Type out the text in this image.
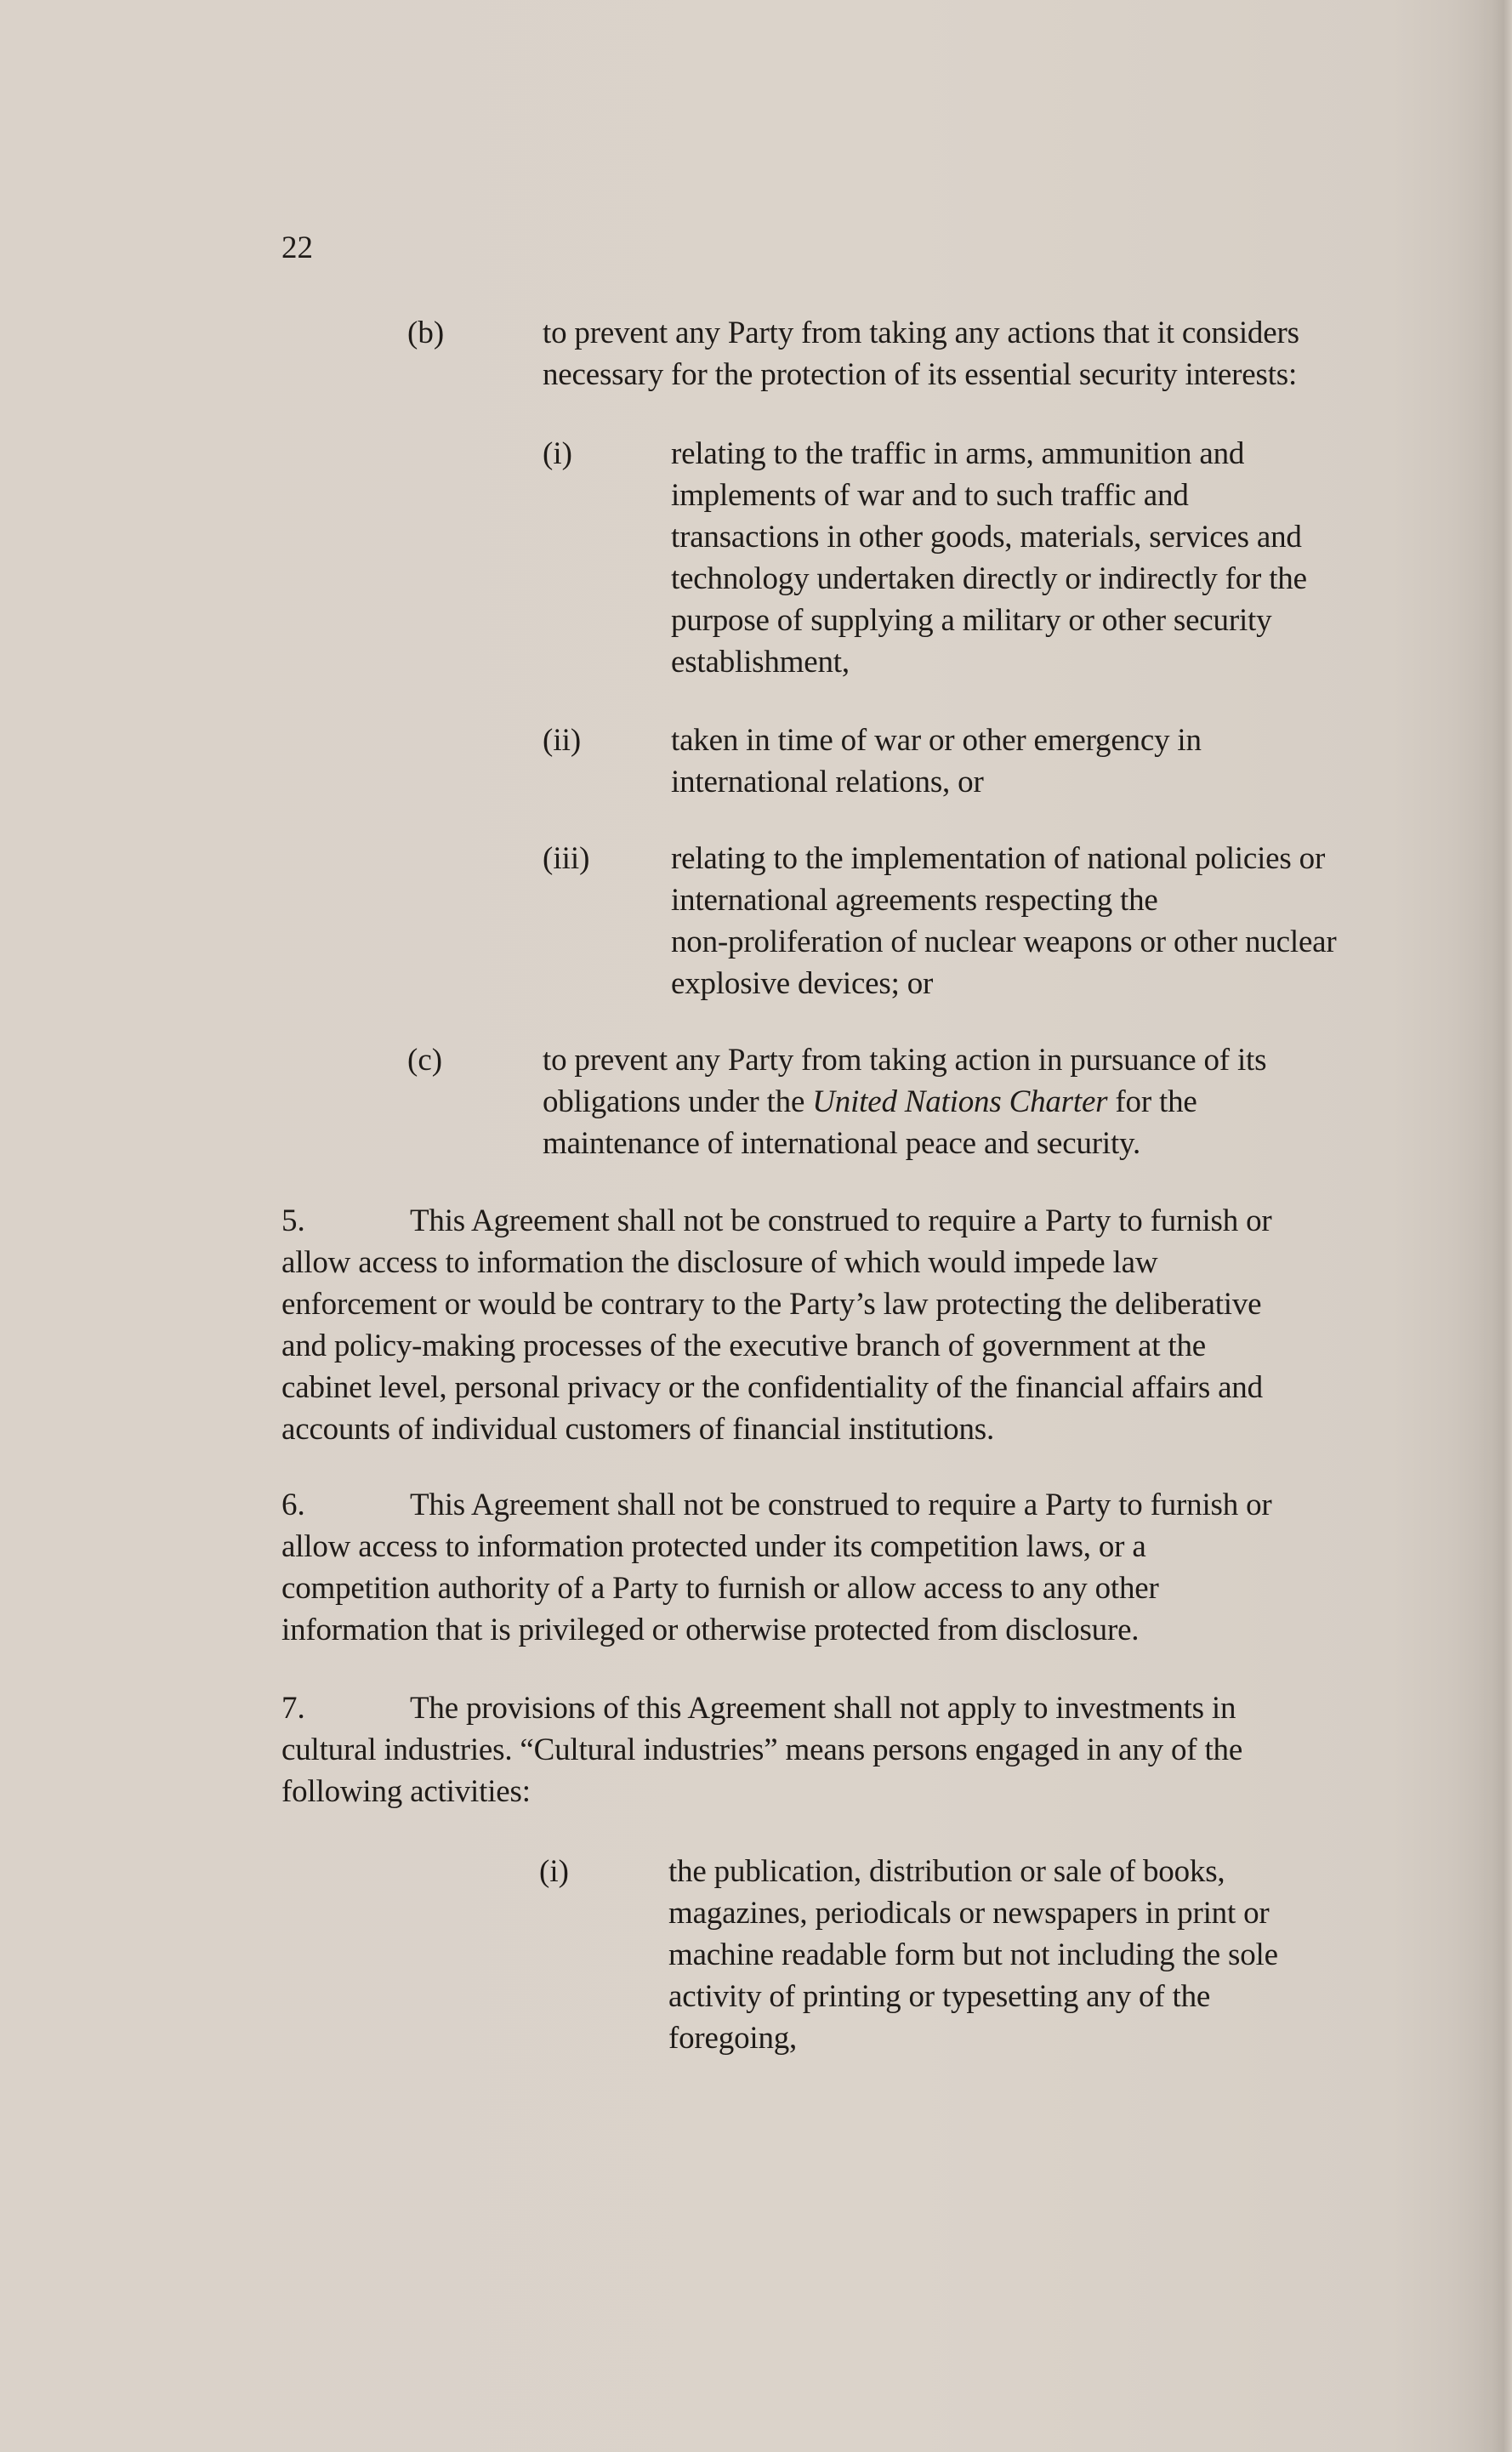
22
(b)	to prevent any Party from taking any actions that it considers
necessary for the protection of its essential security interests:
(i)	relating to the traffic in arms, ammunition and
implements of war and to such traffic and
transactions in other goods, materials, services and
technology undertaken directly or indirectly for the
purpose of supplying a military or other security
establishment,
(ii)	taken in time of war or other emergency in
international relations, or
(iii)	relating to the implementation of national policies or
international agreements respecting the
non-proliferation of nuclear weapons or other nuclear
explosive devices; or
(c)	to prevent any Party from taking action in pursuance of its
obligations under the United Nations Charter for the
maintenance of international peace and security.
5.	This Agreement shall not be construed to require a Party to furnish or
allow access to information the disclosure of which would impede law
enforcement or would be contrary to the Party’s law protecting the deliberative
and policy-making processes of the executive branch of government at the
cabinet level, personal privacy or the confidentiality of the financial affairs and
accounts of individual customers of financial institutions.
6.	This Agreement shall not be construed to require a Party to furnish or
allow access to information protected under its competition laws, or a
competition authority of a Party to furnish or allow access to any other
information that is privileged or otherwise protected from disclosure.
7.	The provisions of this Agreement shall not apply to investments in
cultural industries. “Cultural industries” means persons engaged in any of the
following activities:
(i)	the publication, distribution or sale of books,
magazines, periodicals or newspapers in print or
machine readable form but not including the sole
activity of printing or typesetting any of the
foregoing,
